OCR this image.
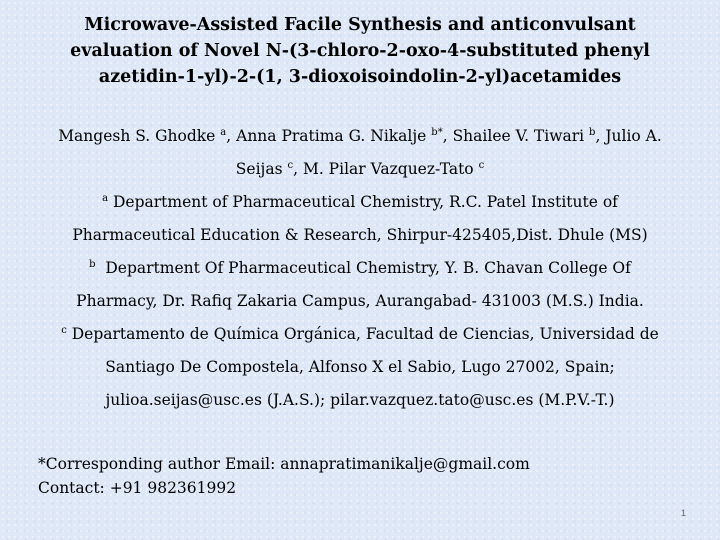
Microwave-Assisted Facile Synthesis and anticonvulsant
evaluation of Novel N-(3-chloro-2-oxo-4-substituted phenyl
azetidin-1-yl)-2-(1, 3-dioxoisoindolin-2-yl)acetamides
Mangesh S. Ghodke $^a$, Anna Pratima G. Nikalje $^{b*}$, Shailee V. Tiwari $^b$, Julio A.
Seijas $^c$, M. Pilar Vazquez-Tato $^c$
$^a$ Department of Pharmaceutical Chemistry, R.C. Patel Institute of
Pharmaceutical Education & Research, Shirpur-425405,Dist. Dhule (MS)
$^b$ Department Of Pharmaceutical Chemistry, Y. B. Chavan College Of
Pharmacy, Dr. Rafiq Zakaria Campus, Aurangabad- 431003 (M.S.) India.
$^c$ Departamento de Química Orgánica, Facultad de Ciencias, Universidad de
Santiago De Compostela, Alfonso X el Sabio, Lugo 27002, Spain;
julioa.seijas@usc.es (J.A.S.); pilar.vazquez.tato@usc.es (M.P.V.-T.)
*Corresponding author Email: annapratimanikalje@gmail.com
Contact: +91 982361992
1
